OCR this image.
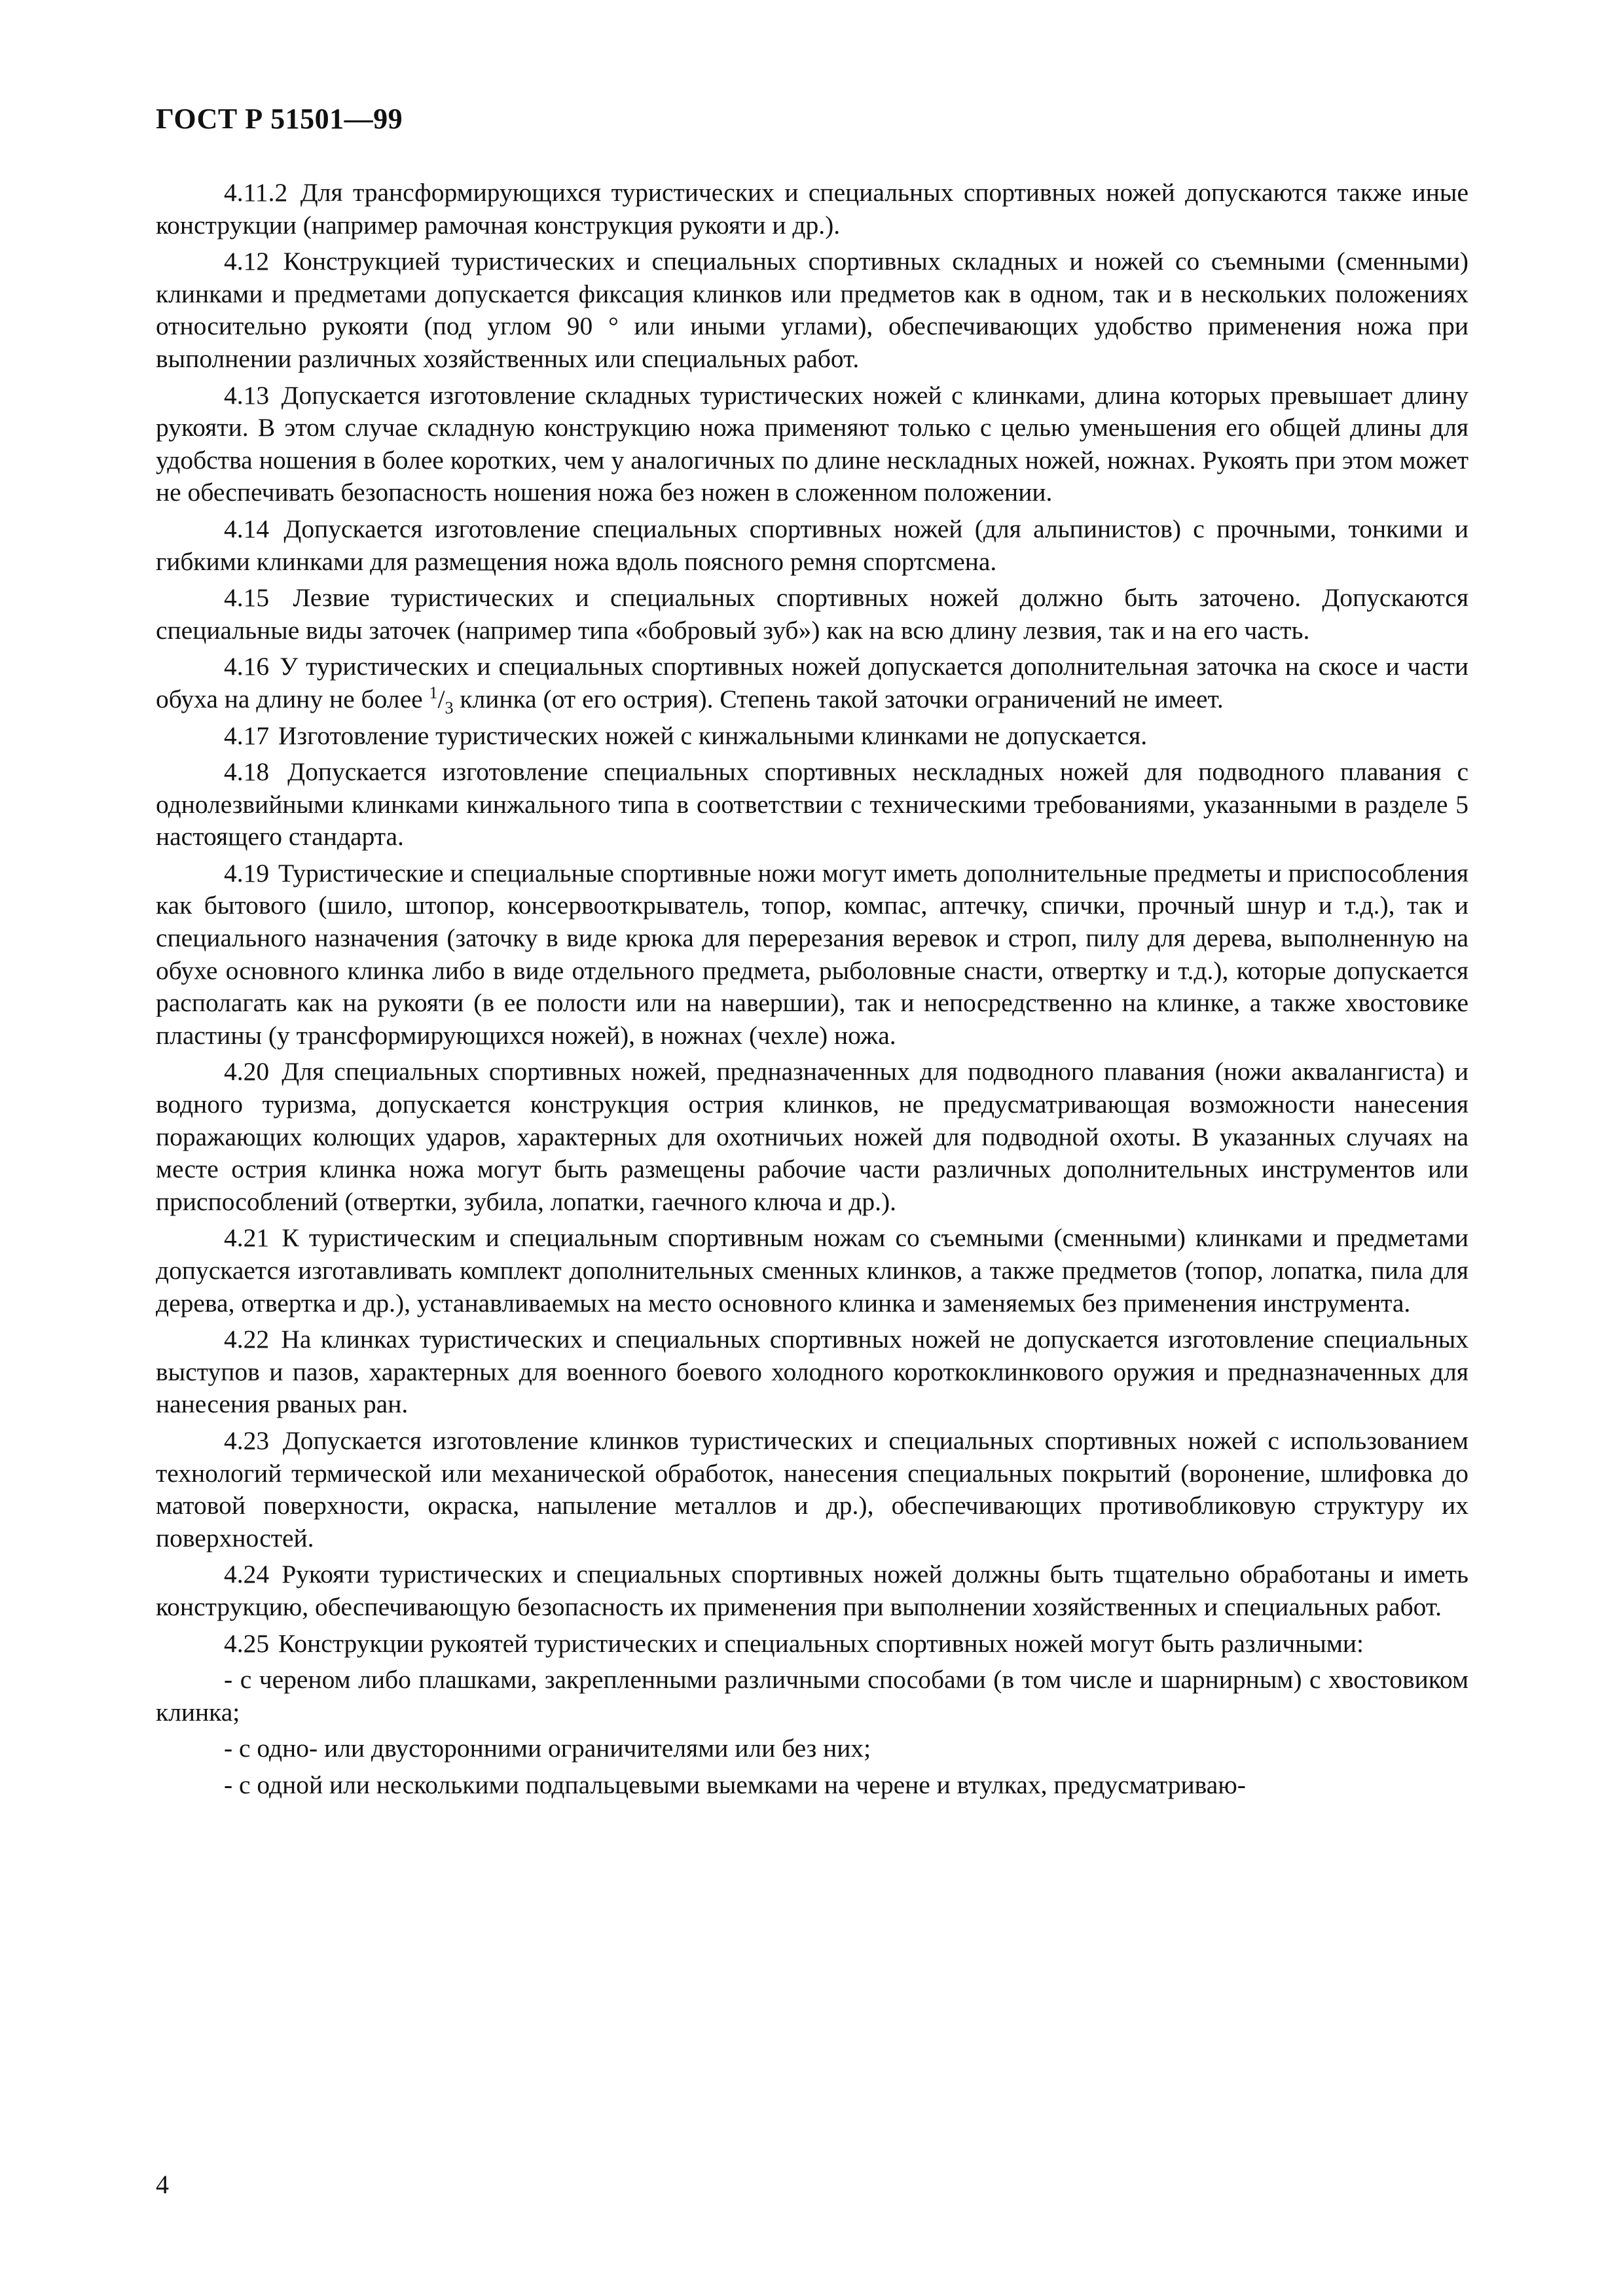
ГОСТ Р 51501—99

4.11.2 Для трансформирующихся туристических и специальных спортивных ножей допускаются также иные конструкции (например рамочная конструкция рукояти и др.).

4.12 Конструкцией туристических и специальных спортивных складных и ножей со съемными (сменными) клинками и предметами допускается фиксация клинков или предметов как в одном, так и в нескольких положениях относительно рукояти (под углом 90 ° или иными углами), обеспечивающих удобство применения ножа при выполнении различных хозяйственных или специальных работ.

4.13 Допускается изготовление складных туристических ножей с клинками, длина которых превышает длину рукояти. В этом случае складную конструкцию ножа применяют только с целью уменьшения его общей длины для удобства ношения в более коротких, чем у аналогичных по длине нескладных ножей, ножнах. Рукоять при этом может не обеспечивать безопасность ношения ножа без ножен в сложенном положении.

4.14 Допускается изготовление специальных спортивных ножей (для альпинистов) с прочными, тонкими и гибкими клинками для размещения ножа вдоль поясного ремня спортсмена.

4.15 Лезвие туристических и специальных спортивных ножей должно быть заточено. Допускаются специальные виды заточек (например типа «бобровый зуб») как на всю длину лезвия, так и на его часть.

4.16 У туристических и специальных спортивных ножей допускается дополнительная заточка на скосе и части обуха на длину не более $^1/_3$ клинка (от его острия). Степень такой заточки ограничений не имеет.

4.17 Изготовление туристических ножей с кинжальными клинками не допускается.

4.18 Допускается изготовление специальных спортивных нескладных ножей для подводного плавания с однолезвийными клинками кинжального типа в соответствии с техническими требованиями, указанными в разделе 5 настоящего стандарта.

4.19 Туристические и специальные спортивные ножи могут иметь дополнительные предметы и приспособления как бытового (шило, штопор, консервооткрыватель, топор, компас, аптечку, спички, прочный шнур и т.д.), так и специального назначения (заточку в виде крюка для перерезания веревок и строп, пилу для дерева, выполненную на обухе основного клинка либо в виде отдельного предмета, рыболовные снасти, отвертку и т.д.), которые допускается располагать как на рукояти (в ее полости или на навершии), так и непосредственно на клинке, а также хвостовике пластины (у трансформирующихся ножей), в ножнах (чехле) ножа.

4.20 Для специальных спортивных ножей, предназначенных для подводного плавания (ножи аквалангиста) и водного туризма, допускается конструкция острия клинков, не предусматривающая возможности нанесения поражающих колющих ударов, характерных для охотничьих ножей для подводной охоты. В указанных случаях на месте острия клинка ножа могут быть размещены рабочие части различных дополнительных инструментов или приспособлений (отвертки, зубила, лопатки, гаечного ключа и др.).

4.21 К туристическим и специальным спортивным ножам со съемными (сменными) клинками и предметами допускается изготавливать комплект дополнительных сменных клинков, а также предметов (топор, лопатка, пила для дерева, отвертка и др.), устанавливаемых на место основного клинка и заменяемых без применения инструмента.

4.22 На клинках туристических и специальных спортивных ножей не допускается изготовление специальных выступов и пазов, характерных для военного боевого холодного короткоклинкового оружия и предназначенных для нанесения рваных ран.

4.23 Допускается изготовление клинков туристических и специальных спортивных ножей с использованием технологий термической или механической обработок, нанесения специальных покрытий (воронение, шлифовка до матовой поверхности, окраска, напыление металлов и др.), обеспечивающих противобликовую структуру их поверхностей.

4.24 Рукояти туристических и специальных спортивных ножей должны быть тщательно обработаны и иметь конструкцию, обеспечивающую безопасность их применения при выполнении хозяйственных и специальных работ.

4.25 Конструкции рукоятей туристических и специальных спортивных ножей могут быть различными:

- с череном либо плашками, закрепленными различными способами (в том числе и шарнирным) с хвостовиком клинка;

- с одно- или двусторонними ограничителями или без них;

- с одной или несколькими подпальцевыми выемками на черене и втулках, предусматриваю-

4
